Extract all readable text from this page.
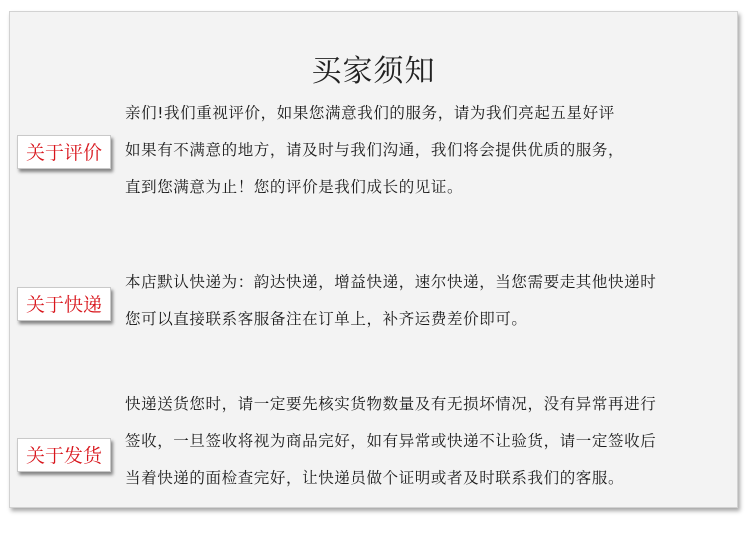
买家须知
关于评价
亲们!我们重视评价，如果您满意我们的服务，请为我们亮起五星好评
如果有不满意的地方，请及时与我们沟通，我们将会提供优质的服务，
直到您满意为止！您的评价是我们成长的见证。
关于快递
本店默认快递为：韵达快递，增益快递，速尔快递，当您需要走其他快递时
您可以直接联系客服备注在订单上，补齐运费差价即可。
关于发货
快递送货您时，请一定要先核实货物数量及有无损坏情况，没有异常再进行
签收，一旦签收将视为商品完好，如有异常或快递不让验货，请一定签收后
当着快递的面检查完好，让快递员做个证明或者及时联系我们的客服。
